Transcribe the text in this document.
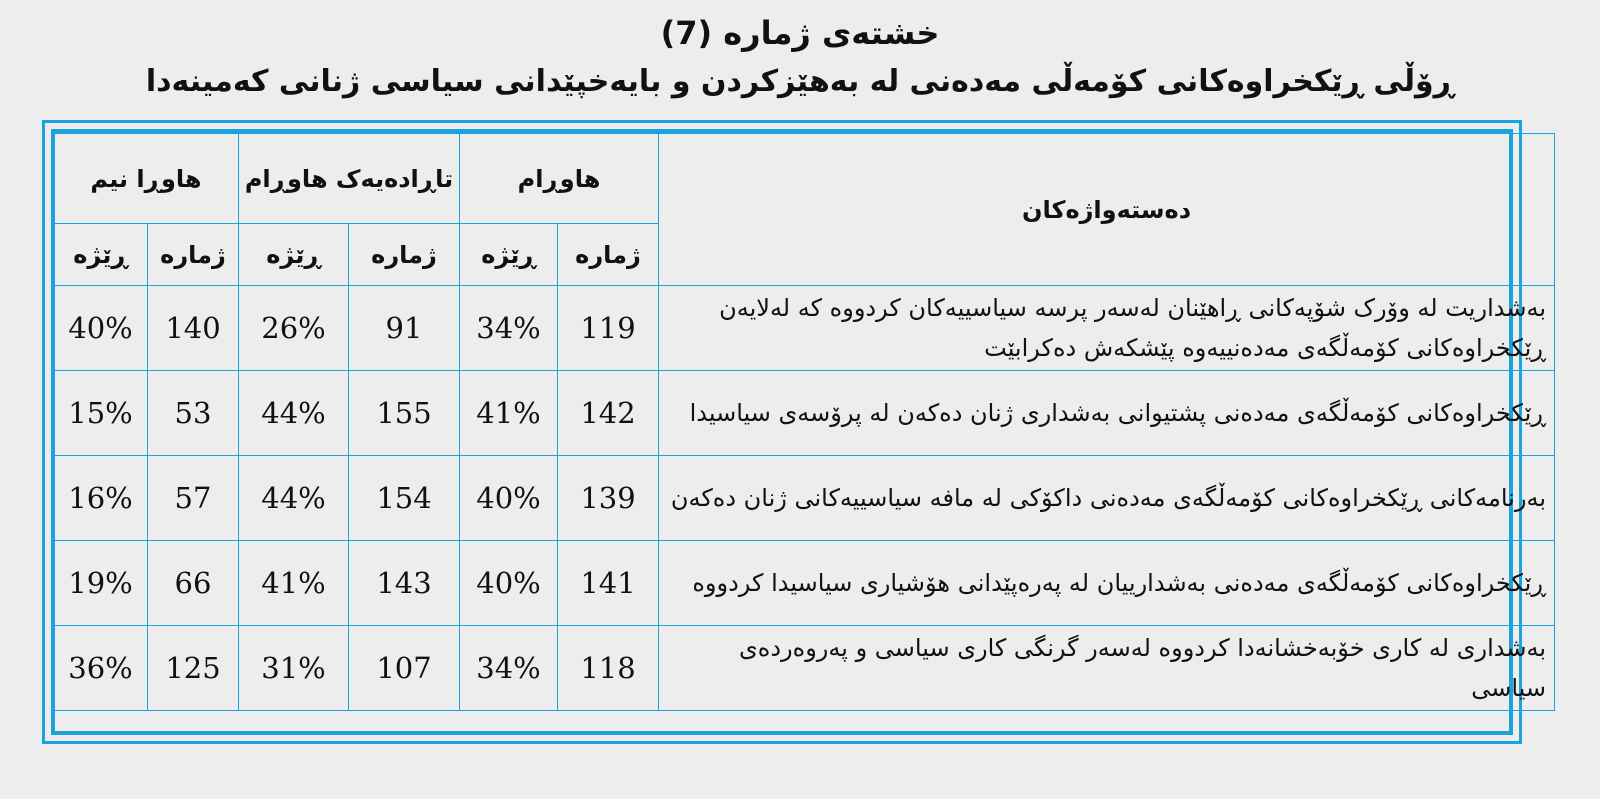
خشتەی ژمارە (7)
ڕۆڵی ڕێکخراوەکانی کۆمەڵی مەدەنی لە بەهێزکردن و بایەخپێدانی سیاسی ژنانی کەمینەدا
دەستەواژەکان	هاوڕام		تاڕادەیەک هاوڕام		هاوڕا نیم	
	ژمارە	ڕێژە	ژمارە	ڕێژە	ژمارە	ڕێژە
بەشداریت لە وۆرک شۆپەکانی ڕاهێنان لەسەر پرسە سیاسییەکان کردووە کە لەلایەن ڕێکخراوەکانی کۆمەڵگەی مەدەنییەوە پێشکەش دەکرابێت	119	34%	91	26%	140	40%
ڕێکخراوەکانی کۆمەڵگەی مەدەنی پشتیوانی بەشداری ژنان دەکەن لە پرۆسەی سیاسیدا	142	41%	155	44%	53	15%
بەرنامەکانی ڕێکخراوەکانی کۆمەڵگەی مەدەنی داکۆکی لە مافە سیاسییەکانی ژنان دەکەن	139	40%	154	44%	57	16%
ڕێکخراوەکانی کۆمەڵگەی مەدەنی بەشدارییان لە پەرەپێدانی هۆشیاری سیاسیدا کردووە	141	40%	143	41%	66	19%
بەشداری لە کاری خۆبەخشانەدا کردووە لەسەر گرنگی کاری سیاسی و پەروەردەی سیاسی	118	34%	107	31%	125	36%
